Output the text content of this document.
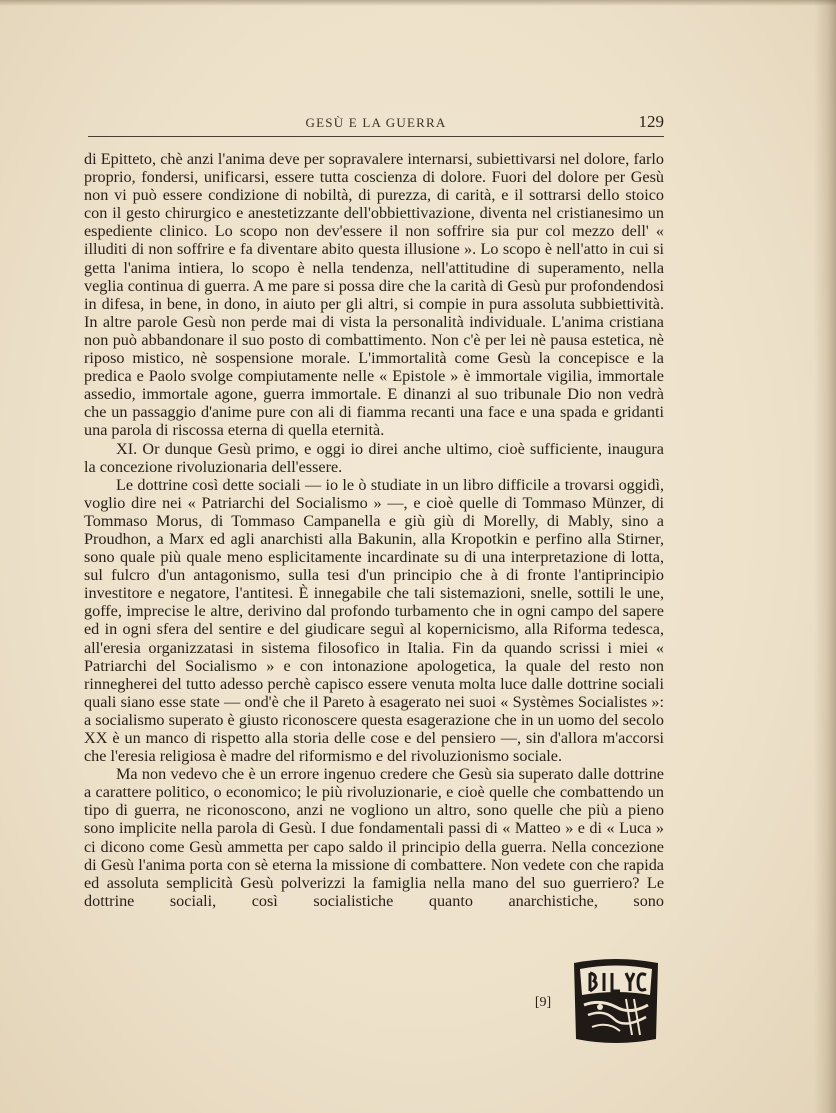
GESÙ E LA GUERRA	129

di Epitteto, chè anzi l'anima deve per sopravalere internarsi, subiettivarsi nel dolore, farlo proprio, fondersi, unificarsi, essere tutta coscienza di dolore. Fuori del dolore per Gesù non vi può essere condizione di nobiltà, di purezza, di carità, e il sottrarsi dello stoico con il gesto chirurgico e anestetizzante dell'obbiettivazione, diventa nel cristianesimo un espediente clinico. Lo scopo non dev'essere il non soffrire sia pur col mezzo dell' « illuditi di non soffrire e fa diventare abito questa illusione ». Lo scopo è nell'atto in cui si getta l'anima intiera, lo scopo è nella tendenza, nell'attitudine di superamento, nella veglia continua di guerra. A me pare si possa dire che la carità di Gesù pur profondendosi in difesa, in bene, in dono, in aiuto per gli altri, si compie in pura assoluta subbiettività. In altre parole Gesù non perde mai di vista la personalità individuale. L'anima cristiana non può abbandonare il suo posto di combattimento. Non c'è per lei nè pausa estetica, nè riposo mistico, nè sospensione morale. L'immortalità come Gesù la concepisce e la predica e Paolo svolge compiutamente nelle « Epistole » è immortale vigilia, immortale assedio, immortale agone, guerra immortale. E dinanzi al suo tribunale Dio non vedrà che un passaggio d'anime pure con ali di fiamma recanti una face e una spada e gridanti una parola di riscossa eterna di quella eternità.

XI. Or dunque Gesù primo, e oggi io direi anche ultimo, cioè sufficiente, inaugura la concezione rivoluzionaria dell'essere.

Le dottrine così dette sociali — io le ò studiate in un libro difficile a trovarsi oggidì, voglio dire nei « Patriarchi del Socialismo » —, e cioè quelle di Tommaso Münzer, di Tommaso Morus, di Tommaso Campanella e giù giù di Morelly, di Mably, sino a Proudhon, a Marx ed agli anarchisti alla Bakunin, alla Kropotkin e perfino alla Stirner, sono quale più quale meno esplicitamente incardinate su di una interpretazione di lotta, sul fulcro d'un antagonismo, sulla tesi d'un principio che à di fronte l'antiprincipio investitore e negatore, l'antitesi. È innegabile che tali sistemazioni, snelle, sottili le une, goffe, imprecise le altre, derivino dal profondo turbamento che in ogni campo del sapere ed in ogni sfera del sentire e del giudicare seguì al kopernicismo, alla Riforma tedesca, all'eresia organizzatasi in sistema filosofico in Italia. Fin da quando scrissi i miei « Patriarchi del Socialismo » e con intonazione apologetica, la quale del resto non rinnegherei del tutto adesso perchè capisco essere venuta molta luce dalle dottrine sociali quali siano esse state — ond'è che il Pareto à esagerato nei suoi « Systèmes Socialistes »: a socialismo superato è giusto riconoscere questa esagerazione che in un uomo del secolo XX è un manco di rispetto alla storia delle cose e del pensiero —, sin d'allora m'accorsi che l'eresia religiosa è madre del riformismo e del rivoluzionismo sociale.

Ma non vedevo che è un errore ingenuo credere che Gesù sia superato dalle dottrine a carattere politico, o economico; le più rivoluzionarie, e cioè quelle che combattendo un tipo di guerra, ne riconoscono, anzi ne vogliono un altro, sono quelle che più a pieno sono implicite nella parola di Gesù. I due fondamentali passi di « Matteo » e di « Luca » ci dicono come Gesù ammetta per capo saldo il principio della guerra. Nella concezione di Gesù l'anima porta con sè eterna la missione di combattere. Non vedete con che rapida ed assoluta semplicità Gesù polverizzi la famiglia nella mano del suo guerriero? Le dottrine sociali, così socialistiche quanto anarchistiche, sono

[9]
